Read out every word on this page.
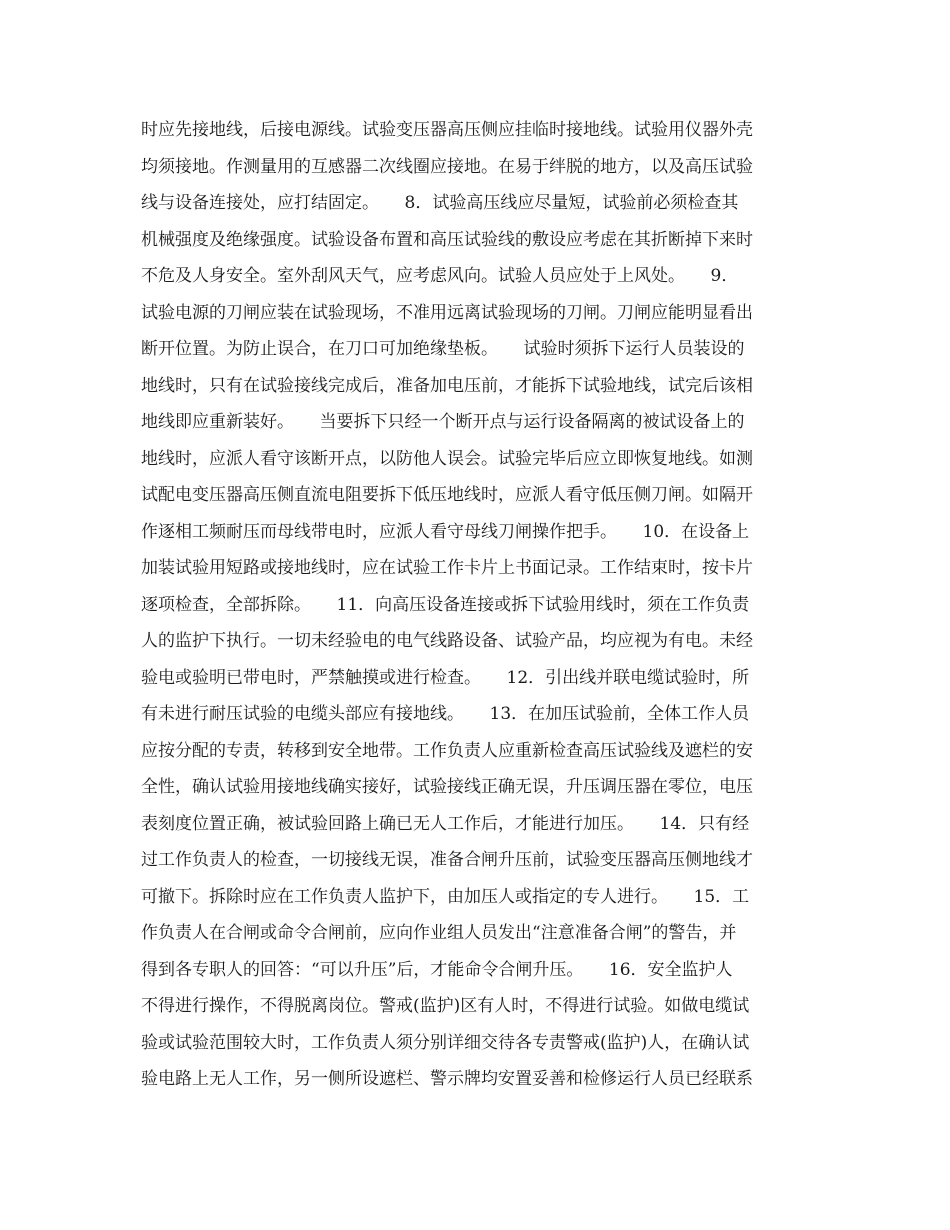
时应先接地线，后接电源线。试验变压器高压侧应挂临时接地线。试验用仪器外壳
均须接地。作测量用的互感器二次线圈应接地。在易于绊脱的地方，以及高压试验
线与设备连接处，应打结固定。　　8．试验高压线应尽量短，试验前必须检查其
机械强度及绝缘强度。试验设备布置和高压试验线的敷设应考虑在其折断掉下来时
不危及人身安全。室外刮风天气，应考虑风向。试验人员应处于上风处。　　9．
试验电源的刀闸应装在试验现场，不准用远离试验现场的刀闸。刀闸应能明显看出
断开位置。为防止误合，在刀口可加绝缘垫板。　　试验时须拆下运行人员装设的
地线时，只有在试验接线完成后，准备加电压前，才能拆下试验地线，试完后该相
地线即应重新装好。　　当要拆下只经一个断开点与运行设备隔离的被试设备上的
地线时，应派人看守该断开点，以防他人误会。试验完毕后应立即恢复地线。如测
试配电变压器高压侧直流电阻要拆下低压地线时，应派人看守低压侧刀闸。如隔开
作逐相工频耐压而母线带电时，应派人看守母线刀闸操作把手。　　10．在设备上
加装试验用短路或接地线时，应在试验工作卡片上书面记录。工作结束时，按卡片
逐项检查，全部拆除。　　11．向高压设备连接或拆下试验用线时，须在工作负责
人的监护下执行。一切未经验电的电气线路设备、试验产品，均应视为有电。未经
验电或验明已带电时，严禁触摸或进行检查。　　12．引出线并联电缆试验时，所
有未进行耐压试验的电缆头部应有接地线。　　13．在加压试验前，全体工作人员
应按分配的专责，转移到安全地带。工作负责人应重新检查高压试验线及遮栏的安
全性，确认试验用接地线确实接好，试验接线正确无误，升压调压器在零位，电压
表刻度位置正确，被试验回路上确已无人工作后，才能进行加压。　　14．只有经
过工作负责人的检查，一切接线无误，准备合闸升压前，试验变压器高压侧地线才
可撤下。拆除时应在工作负责人监护下，由加压人或指定的专人进行。　　15．工
作负责人在合闸或命令合闸前，应向作业组人员发出“注意准备合闸”的警告，并
得到各专职人的回答：“可以升压”后，才能命令合闸升压。　　16．安全监护人
不得进行操作，不得脱离岗位。警戒(监护)区有人时，不得进行试验。如做电缆试
验或试验范围较大时，工作负责人须分别详细交待各专责警戒(监护)人，在确认试
验电路上无人工作，另一侧所设遮栏、警示牌均安置妥善和检修运行人员已经联系
